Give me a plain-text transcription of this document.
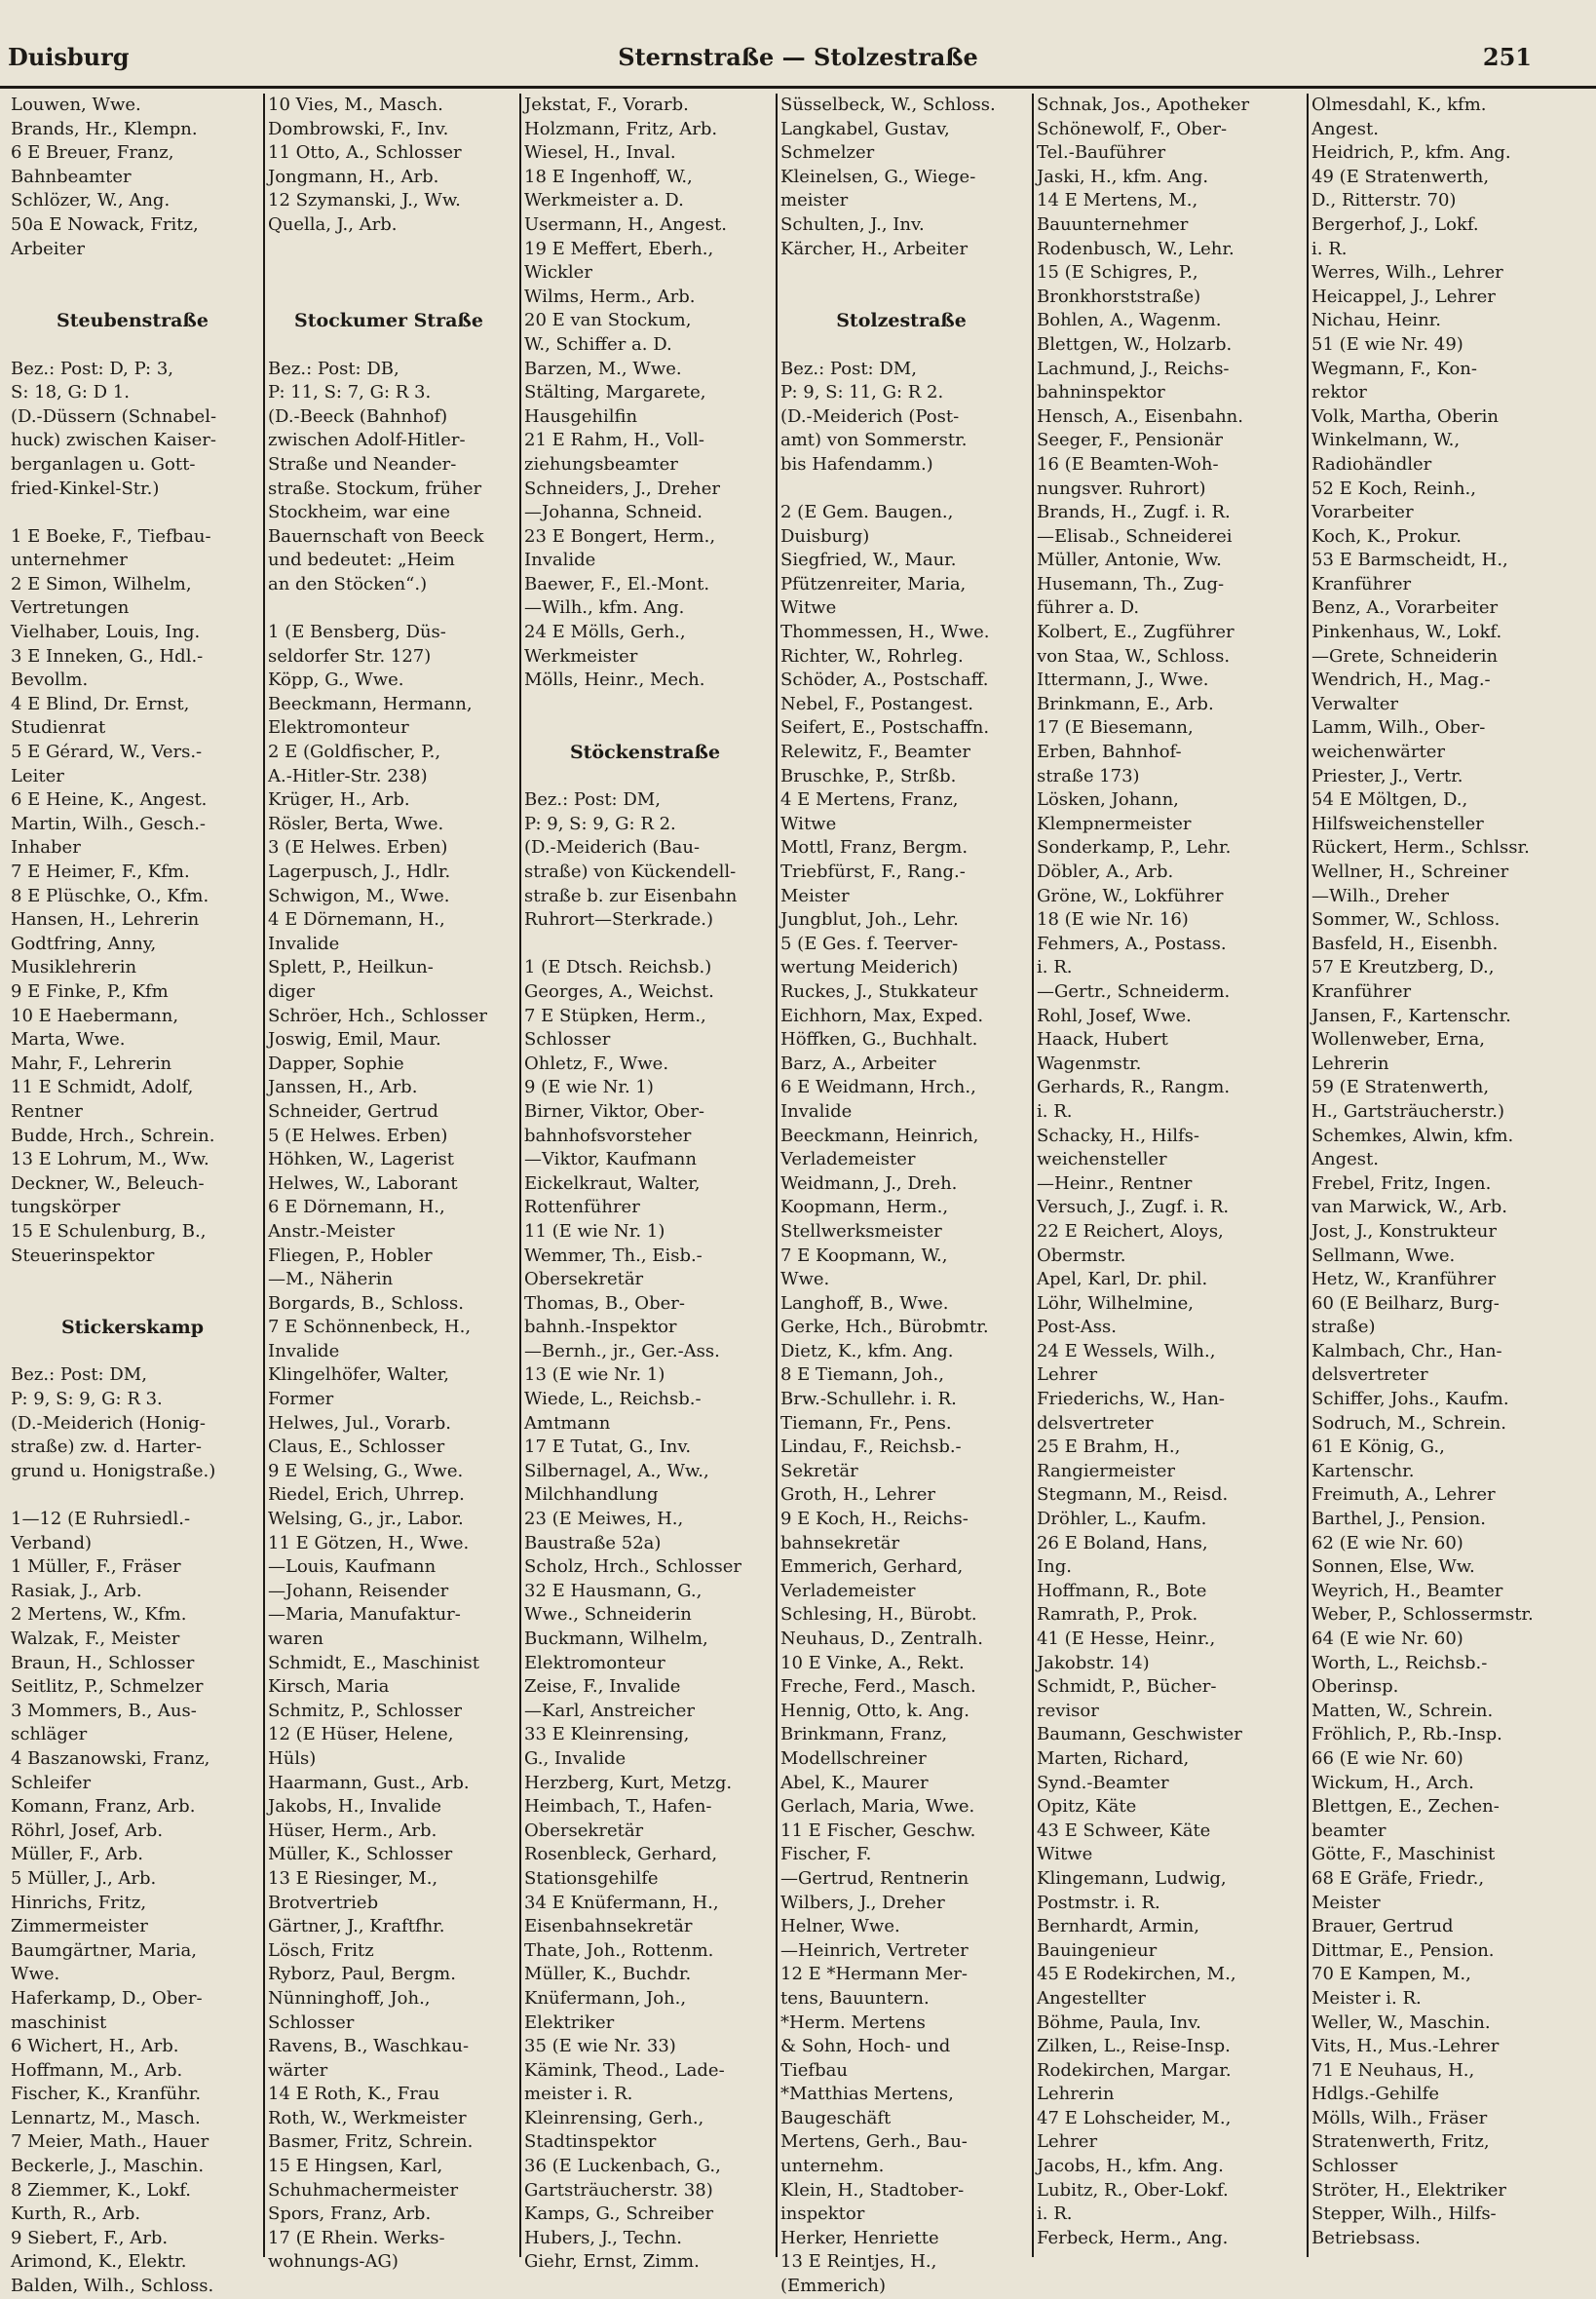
Duisburg	Sternstraße — Stolzestraße	251
Louwen, Wwe.
Brands, Hr., Klempn.
6 E Breuer, Franz,
Bahnbeamter
Schlözer, W., Ang.
50a E Nowack, Fritz,
Arbeiter

Steubenstraße

Bez.: Post: D, P: 3,
S: 18, G: D 1.
(D.-Düssern (Schnabel-
huck) zwischen Kaiser-
berganlagen u. Gott-
fried-Kinkel-Str.)

1 E Boeke, F., Tiefbau-
unternehmer
2 E Simon, Wilhelm,
Vertretungen
Vielhaber, Louis, Ing.
3 E Inneken, G., Hdl.-
Bevollm.
4 E Blind, Dr. Ernst,
Studienrat
5 E Gérard, W., Vers.-
Leiter
6 E Heine, K., Angest.
Martin, Wilh., Gesch.-
Inhaber
7 E Heimer, F., Kfm.
8 E Plüschke, O., Kfm.
Hansen, H., Lehrerin
Godtfring, Anny,
Musiklehrerin
9 E Finke, P., Kfm
10 E Haebermann,
Marta, Wwe.
Mahr, F., Lehrerin
11 E Schmidt, Adolf,
Rentner
Budde, Hrch., Schrein.
13 E Lohrum, M., Ww.
Deckner, W., Beleuch-
tungskörper
15 E Schulenburg, B.,
Steuerinspektor

Stickerskamp

Bez.: Post: DM,
P: 9, S: 9, G: R 3.
(D.-Meiderich (Honig-
straße) zw. d. Harter-
grund u. Honigstraße.)

1—12 (E Ruhrsiedl.-
Verband)
1 Müller, F., Fräser
Rasiak, J., Arb.
2 Mertens, W., Kfm.
Walzak, F., Meister
Braun, H., Schlosser
Seitlitz, P., Schmelzer
3 Mommers, B., Aus-
schläger
4 Baszanowski, Franz,
Schleifer
Komann, Franz, Arb.
Röhrl, Josef, Arb.
Müller, F., Arb.
5 Müller, J., Arb.
Hinrichs, Fritz,
Zimmermeister
Baumgärtner, Maria,
Wwe.
Haferkamp, D., Ober-
maschinist
6 Wichert, H., Arb.
Hoffmann, M., Arb.
Fischer, K., Kranführ.
Lennartz, M., Masch.
7 Meier, Math., Hauer
Beckerle, J., Maschin.
8 Ziemmer, K., Lokf.
Kurth, R., Arb.
9 Siebert, F., Arb.
Arimond, K., Elektr.
Balden, Wilh., Schloss.
10 Vies, M., Masch.
Dombrowski, F., Inv.
11 Otto, A., Schlosser
Jongmann, H., Arb.
12 Szymanski, J., Ww.
Quella, J., Arb.

Stockumer Straße

Bez.: Post: DB,
P: 11, S: 7, G: R 3.
(D.-Beeck (Bahnhof)
zwischen Adolf-Hitler-
Straße und Neander-
straße. Stockum, früher
Stockheim, war eine
Bauernschaft von Beeck
und bedeutet: „Heim
an den Stöcken“.)

1 (E Bensberg, Düs-
seldorfer Str. 127)
Köpp, G., Wwe.
Beeckmann, Hermann,
Elektromonteur
2 E (Goldfischer, P.,
A.-Hitler-Str. 238)
Krüger, H., Arb.
Rösler, Berta, Wwe.
3 (E Helwes. Erben)
Lagerpusch, J., Hdlr.
Schwigon, M., Wwe.
4 E Dörnemann, H.,
Invalide
Splett, P., Heilkun-
diger
Schröer, Hch., Schlosser
Joswig, Emil, Maur.
Dapper, Sophie
Janssen, H., Arb.
Schneider, Gertrud
5 (E Helwes. Erben)
Höhken, W., Lagerist
Helwes, W., Laborant
6 E Dörnemann, H.,
Anstr.-Meister
Fliegen, P., Hobler
—M., Näherin
Borgards, B., Schloss.
7 E Schönnenbeck, H.,
Invalide
Klingelhöfer, Walter,
Former
Helwes, Jul., Vorarb.
Claus, E., Schlosser
9 E Welsing, G., Wwe.
Riedel, Erich, Uhrrep.
Welsing, G., jr., Labor.
11 E Götzen, H., Wwe.
—Louis, Kaufmann
—Johann, Reisender
—Maria, Manufaktur-
waren
Schmidt, E., Maschinist
Kirsch, Maria
Schmitz, P., Schlosser
12 (E Hüser, Helene,
Hüls)
Haarmann, Gust., Arb.
Jakobs, H., Invalide
Hüser, Herm., Arb.
Müller, K., Schlosser
13 E Riesinger, M.,
Brotvertrieb
Gärtner, J., Kraftfhr.
Lösch, Fritz
Ryborz, Paul, Bergm.
Nünninghoff, Joh.,
Schlosser
Ravens, B., Waschkau-
wärter
14 E Roth, K., Frau
Roth, W., Werkmeister
Basmer, Fritz, Schrein.
15 E Hingsen, Karl,
Schuhmachermeister
Spors, Franz, Arb.
17 (E Rhein. Werks-
wohnungs-AG)
Jekstat, F., Vorarb.
Holzmann, Fritz, Arb.
Wiesel, H., Inval.
18 E Ingenhoff, W.,
Werkmeister a. D.
Usermann, H., Angest.
19 E Meffert, Eberh.,
Wickler
Wilms, Herm., Arb.
20 E van Stockum,
W., Schiffer a. D.
Barzen, M., Wwe.
Stälting, Margarete,
Hausgehilfin
21 E Rahm, H., Voll-
ziehungsbeamter
Schneiders, J., Dreher
—Johanna, Schneid.
23 E Bongert, Herm.,
Invalide
Baewer, F., El.-Mont.
—Wilh., kfm. Ang.
24 E Mölls, Gerh.,
Werkmeister
Mölls, Heinr., Mech.

Stöckenstraße

Bez.: Post: DM,
P: 9, S: 9, G: R 2.
(D.-Meiderich (Bau-
straße) von Kückendell-
straße b. zur Eisenbahn
Ruhrort—Sterkrade.)

1 (E Dtsch. Reichsb.)
Georges, A., Weichst.
7 E Stüpken, Herm.,
Schlosser
Ohletz, F., Wwe.
9 (E wie Nr. 1)
Birner, Viktor, Ober-
bahnhofsvorsteher
—Viktor, Kaufmann
Eickelkraut, Walter,
Rottenführer
11 (E wie Nr. 1)
Wemmer, Th., Eisb.-
Obersekretär
Thomas, B., Ober-
bahnh.-Inspektor
—Bernh., jr., Ger.-Ass.
13 (E wie Nr. 1)
Wiede, L., Reichsb.-
Amtmann
17 E Tutat, G., Inv.
Silbernagel, A., Ww.,
Milchhandlung
23 (E Meiwes, H.,
Baustraße 52a)
Scholz, Hrch., Schlosser
32 E Hausmann, G.,
Wwe., Schneiderin
Buckmann, Wilhelm,
Elektromonteur
Zeise, F., Invalide
—Karl, Anstreicher
33 E Kleinrensing,
G., Invalide
Herzberg, Kurt, Metzg.
Heimbach, T., Hafen-
Obersekretär
Rosenbleck, Gerhard,
Stationsgehilfe
34 E Knüfermann, H.,
Eisenbahnsekretär
Thate, Joh., Rottenm.
Müller, K., Buchdr.
Knüfermann, Joh.,
Elektriker
35 (E wie Nr. 33)
Kämink, Theod., Lade-
meister i. R.
Kleinrensing, Gerh.,
Stadtinspektor
36 (E Luckenbach, G.,
Gartsträucherstr. 38)
Kamps, G., Schreiber
Hubers, J., Techn.
Giehr, Ernst, Zimm.
Süsselbeck, W., Schloss.
Langkabel, Gustav,
Schmelzer
Kleinelsen, G., Wiege-
meister
Schulten, J., Inv.
Kärcher, H., Arbeiter

Stolzestraße

Bez.: Post: DM,
P: 9, S: 11, G: R 2.
(D.-Meiderich (Post-
amt) von Sommerstr.
bis Hafendamm.)

2 (E Gem. Baugen.,
Duisburg)
Siegfried, W., Maur.
Pfützenreiter, Maria,
Witwe
Thommessen, H., Wwe.
Richter, W., Rohrleg.
Schöder, A., Postschaff.
Nebel, F., Postangest.
Seifert, E., Postschaffn.
Relewitz, F., Beamter
Bruschke, P., Strßb.
4 E Mertens, Franz,
Witwe
Mottl, Franz, Bergm.
Triebfürst, F., Rang.-
Meister
Jungblut, Joh., Lehr.
5 (E Ges. f. Teerver-
wertung Meiderich)
Ruckes, J., Stukkateur
Eichhorn, Max, Exped.
Höffken, G., Buchhalt.
Barz, A., Arbeiter
6 E Weidmann, Hrch.,
Invalide
Beeckmann, Heinrich,
Verlademeister
Weidmann, J., Dreh.
Koopmann, Herm.,
Stellwerksmeister
7 E Koopmann, W.,
Wwe.
Langhoff, B., Wwe.
Gerke, Hch., Bürobmtr.
Dietz, K., kfm. Ang.
8 E Tiemann, Joh.,
Brw.-Schullehr. i. R.
Tiemann, Fr., Pens.
Lindau, F., Reichsb.-
Sekretär
Groth, H., Lehrer
9 E Koch, H., Reichs-
bahnsekretär
Emmerich, Gerhard,
Verlademeister
Schlesing, H., Bürobt.
Neuhaus, D., Zentralh.
10 E Vinke, A., Rekt.
Freche, Ferd., Masch.
Hennig, Otto, k. Ang.
Brinkmann, Franz,
Modellschreiner
Abel, K., Maurer
Gerlach, Maria, Wwe.
11 E Fischer, Geschw.
Fischer, F.
—Gertrud, Rentnerin
Wilbers, J., Dreher
Helner, Wwe.
—Heinrich, Vertreter
12 E *Hermann Mer-
tens, Bauuntern.
*Herm. Mertens
& Sohn, Hoch- und
Tiefbau
*Matthias Mertens,
Baugeschäft
Mertens, Gerh., Bau-
unternehm.
Klein, H., Stadtober-
inspektor
Herker, Henriette
13 E Reintjes, H.,
(Emmerich)
Schnak, Jos., Apotheker
Schönewolf, F., Ober-
Tel.-Bauführer
Jaski, H., kfm. Ang.
14 E Mertens, M.,
Bauunternehmer
Rodenbusch, W., Lehr.
15 (E Schigres, P.,
Bronkhorststraße)
Bohlen, A., Wagenm.
Blettgen, W., Holzarb.
Lachmund, J., Reichs-
bahninspektor
Hensch, A., Eisenbahn.
Seeger, F., Pensionär
16 (E Beamten-Woh-
nungsver. Ruhrort)
Brands, H., Zugf. i. R.
—Elisab., Schneiderei
Müller, Antonie, Ww.
Husemann, Th., Zug-
führer a. D.
Kolbert, E., Zugführer
von Staa, W., Schloss.
Ittermann, J., Wwe.
Brinkmann, E., Arb.
17 (E Biesemann,
Erben, Bahnhof-
straße 173)
Lösken, Johann,
Klempnermeister
Sonderkamp, P., Lehr.
Döbler, A., Arb.
Gröne, W., Lokführer
18 (E wie Nr. 16)
Fehmers, A., Postass.
i. R.
—Gertr., Schneiderm.
Rohl, Josef, Wwe.
Haack, Hubert
Wagenmstr.
Gerhards, R., Rangm.
i. R.
Schacky, H., Hilfs-
weichensteller
—Heinr., Rentner
Versuch, J., Zugf. i. R.
22 E Reichert, Aloys,
Obermstr.
Apel, Karl, Dr. phil.
Löhr, Wilhelmine,
Post-Ass.
24 E Wessels, Wilh.,
Lehrer
Friederichs, W., Han-
delsvertreter
25 E Brahm, H.,
Rangiermeister
Stegmann, M., Reisd.
Dröhler, L., Kaufm.
26 E Boland, Hans,
Ing.
Hoffmann, R., Bote
Ramrath, P., Prok.
41 (E Hesse, Heinr.,
Jakobstr. 14)
Schmidt, P., Bücher-
revisor
Baumann, Geschwister
Marten, Richard,
Synd.-Beamter
Opitz, Käte
43 E Schweer, Käte
Witwe
Klingemann, Ludwig,
Postmstr. i. R.
Bernhardt, Armin,
Bauingenieur
45 E Rodekirchen, M.,
Angestellter
Böhme, Paula, Inv.
Zilken, L., Reise-Insp.
Rodekirchen, Margar.
Lehrerin
47 E Lohscheider, M.,
Lehrer
Jacobs, H., kfm. Ang.
Lubitz, R., Ober-Lokf.
i. R.
Ferbeck, Herm., Ang.
Olmesdahl, K., kfm.
Angest.
Heidrich, P., kfm. Ang.
49 (E Stratenwerth,
D., Ritterstr. 70)
Bergerhof, J., Lokf.
i. R.
Werres, Wilh., Lehrer
Heicappel, J., Lehrer
Nichau, Heinr.
51 (E wie Nr. 49)
Wegmann, F., Kon-
rektor
Volk, Martha, Oberin
Winkelmann, W.,
Radiohändler
52 E Koch, Reinh.,
Vorarbeiter
Koch, K., Prokur.
53 E Barmscheidt, H.,
Kranführer
Benz, A., Vorarbeiter
Pinkenhaus, W., Lokf.
—Grete, Schneiderin
Wendrich, H., Mag.-
Verwalter
Lamm, Wilh., Ober-
weichenwärter
Priester, J., Vertr.
54 E Möltgen, D.,
Hilfsweichensteller
Rückert, Herm., Schlssr.
Wellner, H., Schreiner
—Wilh., Dreher
Sommer, W., Schloss.
Basfeld, H., Eisenbh.
57 E Kreutzberg, D.,
Kranführer
Jansen, F., Kartenschr.
Wollenweber, Erna,
Lehrerin
59 (E Stratenwerth,
H., Gartsträucherstr.)
Schemkes, Alwin, kfm.
Angest.
Frebel, Fritz, Ingen.
van Marwick, W., Arb.
Jost, J., Konstrukteur
Sellmann, Wwe.
Hetz, W., Kranführer
60 (E Beilharz, Burg-
straße)
Kalmbach, Chr., Han-
delsvertreter
Schiffer, Johs., Kaufm.
Sodruch, M., Schrein.
61 E König, G.,
Kartenschr.
Freimuth, A., Lehrer
Barthel, J., Pension.
62 (E wie Nr. 60)
Sonnen, Else, Ww.
Weyrich, H., Beamter
Weber, P., Schlossermstr.
64 (E wie Nr. 60)
Worth, L., Reichsb.-
Oberinsp.
Matten, W., Schrein.
Fröhlich, P., Rb.-Insp.
66 (E wie Nr. 60)
Wickum, H., Arch.
Blettgen, E., Zechen-
beamter
Götte, F., Maschinist
68 E Gräfe, Friedr.,
Meister
Brauer, Gertrud
Dittmar, E., Pension.
70 E Kampen, M.,
Meister i. R.
Weller, W., Maschin.
Vits, H., Mus.-Lehrer
71 E Neuhaus, H.,
Hdlgs.-Gehilfe
Mölls, Wilh., Fräser
Stratenwerth, Fritz,
Schlosser
Ströter, H., Elektriker
Stepper, Wilh., Hilfs-
Betriebsass.
